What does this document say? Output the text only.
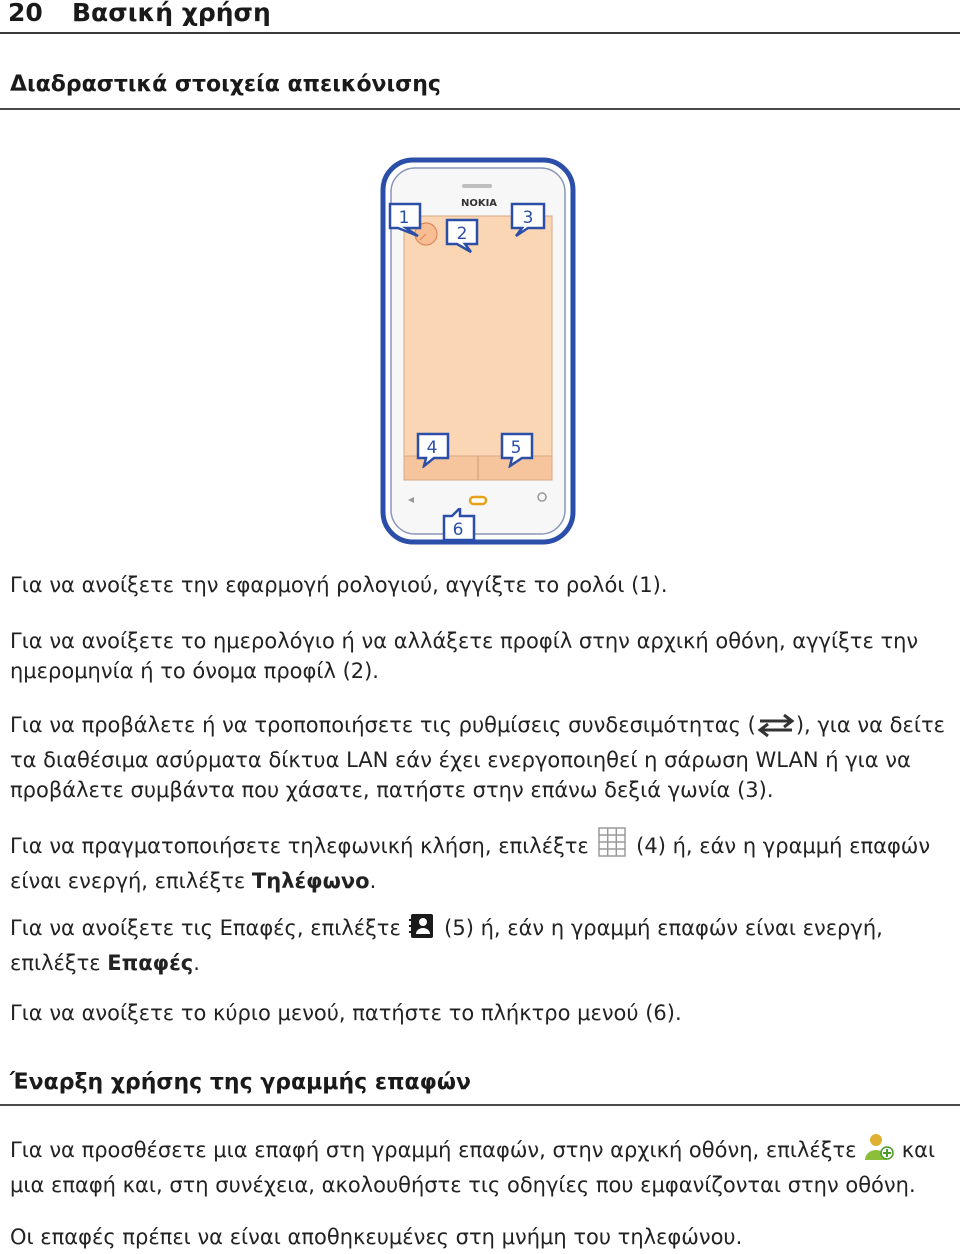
20 Βασική χρήση
Διαδραστικά στοιχεία απεικόνισης
NOKIA
1
2
3
4	5
6
Για να ανοίξετε την εφαρμογή ρολογιού, αγγίξτε το ρολόι (1).
Για να ανοίξετε το ημερολόγιο ή να αλλάξετε προφίλ στην αρχική οθόνη, αγγίξτε την ημερομηνία ή το όνομα προφίλ (2).
Για να προβάλετε ή να τροποποιήσετε τις ρυθμίσεις συνδεσιμότητας ( ), για να δείτε τα διαθέσιμα ασύρματα δίκτυα LAN εάν έχει ενεργοποιηθεί η σάρωση WLAN ή για να προβάλετε συμβάντα που χάσατε, πατήστε στην επάνω δεξιά γωνία (3).
Για να πραγματοποιήσετε τηλεφωνική κλήση, επιλέξτε  (4) ή, εάν η γραμμή επαφών είναι ενεργή, επιλέξτε Τηλέφωνο.
Για να ανοίξετε τις Επαφές, επιλέξτε  (5) ή, εάν η γραμμή επαφών είναι ενεργή, επιλέξτε Επαφές.
Για να ανοίξετε το κύριο μενού, πατήστε το πλήκτρο μενού (6).
Έναρξη χρήσης της γραμμής επαφών
Για να προσθέσετε μια επαφή στη γραμμή επαφών, στην αρχική οθόνη, επιλέξτε  και μια επαφή και, στη συνέχεια, ακολουθήστε τις οδηγίες που εμφανίζονται στην οθόνη.
Οι επαφές πρέπει να είναι αποθηκευμένες στη μνήμη του τηλεφώνου.
